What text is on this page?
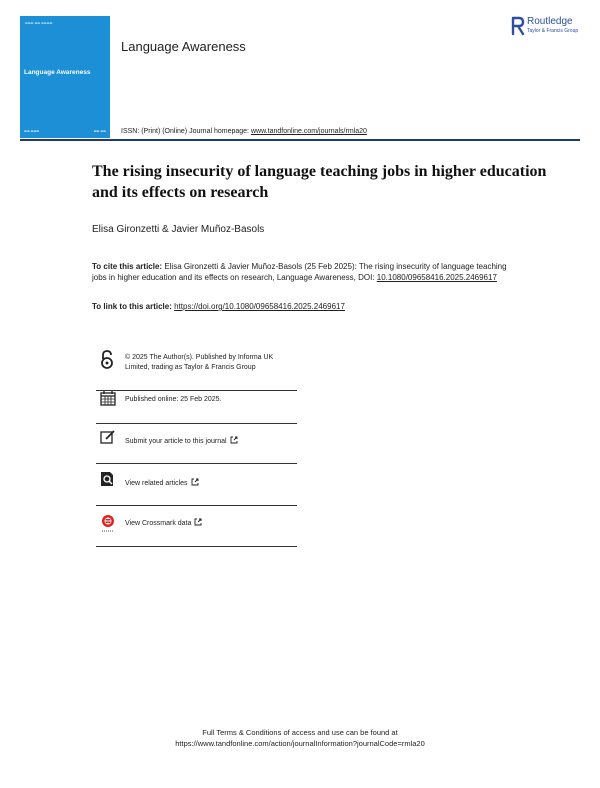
▬▬▬ ▬▬ ▬▬▬▬
Language Awareness
▬▬ ▬▬▬	▬▬ ▬▬
Language Awareness
Routledge
Taylor & Francis Group
ISSN: (Print) (Online) Journal homepage: www.tandfonline.com/journals/rmla20
The rising insecurity of language teaching jobs in higher education and its effects on research
Elisa Gironzetti & Javier Muñoz-Basols
To cite this article: Elisa Gironzetti & Javier Muñoz-Basols (25 Feb 2025): The rising insecurity of language teaching jobs in higher education and its effects on research, Language Awareness, DOI: 10.1080/09658416.2025.2469617
To link to this article: https://doi.org/10.1080/09658416.2025.2469617
© 2025 The Author(s). Published by Informa UK Limited, trading as Taylor & Francis Group
Published online: 25 Feb 2025.
Submit your article to this journal
View related articles
View Crossmark data
Full Terms & Conditions of access and use can be found at
https://www.tandfonline.com/action/journalInformation?journalCode=rmla20
